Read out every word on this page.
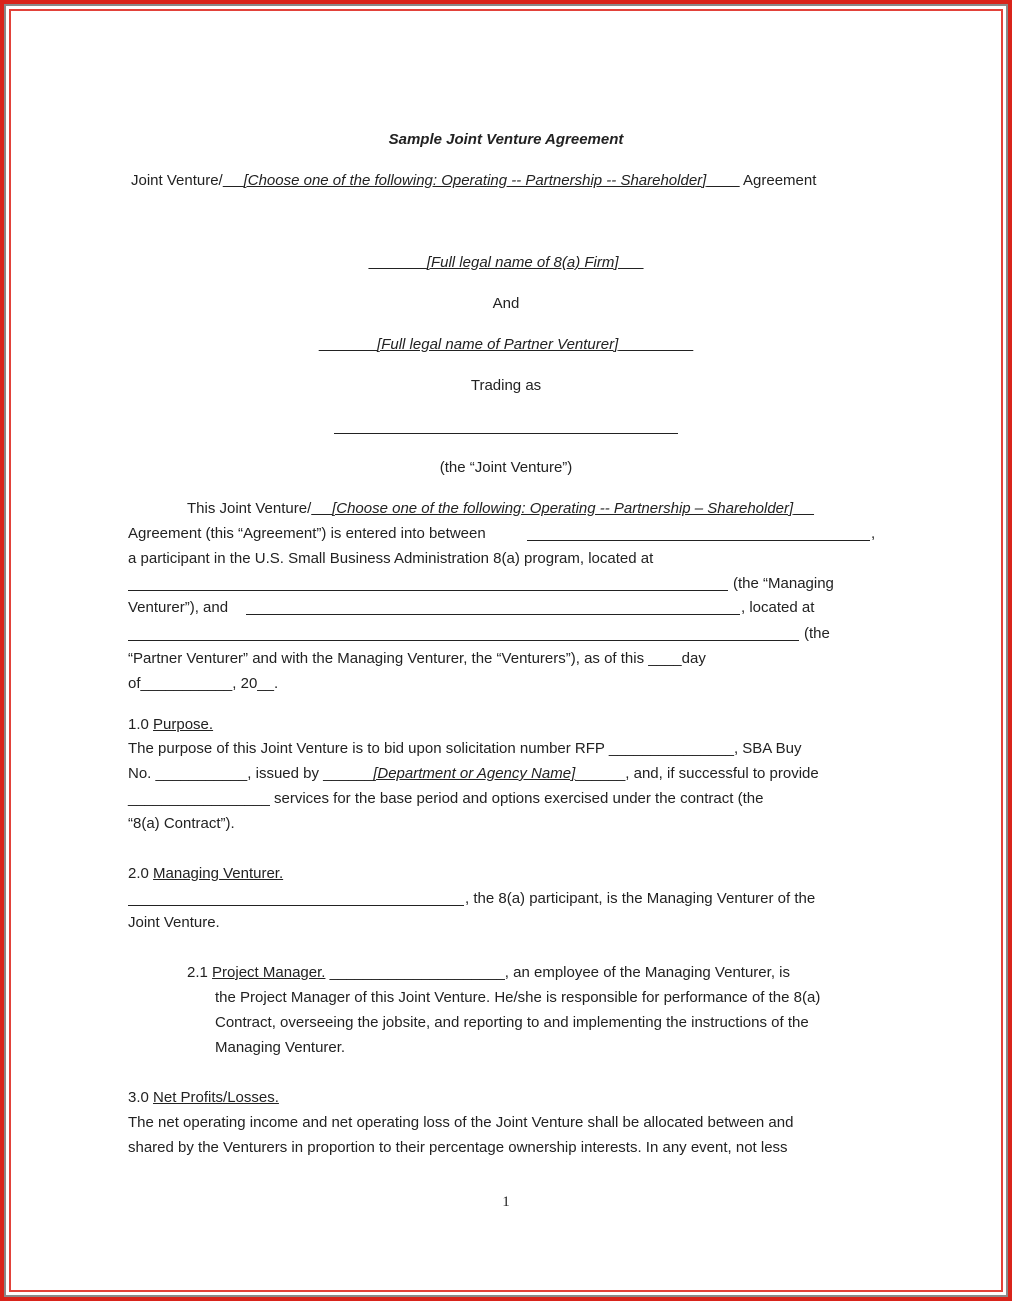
Sample Joint Venture Agreement
Joint Venture/ [Choose one of the following: Operating -- Partnership -- Shareholder] Agreement
[Full legal name of 8(a) Firm]
And
[Full legal name of Partner Venturer]
Trading as
(the “Joint Venture”)
This Joint Venture/ [Choose one of the following: Operating -- Partnership – Shareholder]
Agreement (this “Agreement”) is entered into between	,
a participant in the U.S. Small Business Administration 8(a) program, located at
(the “Managing
Venturer”), and	, located at
(the
“Partner Venturer” and with the Managing Venturer, the “Venturers”), as of this ____day
of___________, 20__.
1.0 Purpose.
The purpose of this Joint Venture is to bid upon solicitation number RFP _______________, SBA Buy
No. ___________, issued by ______[Department or Agency Name]______, and, if successful to provide
_________________ services for the base period and options exercised under the contract (the
“8(a) Contract”).
2.0 Managing Venturer.
, the 8(a) participant, is the Managing Venturer of the
Joint Venture.
2.1 Project Manager. _____________________, an employee of the Managing Venturer, is
the Project Manager of this Joint Venture. He/she is responsible for performance of the 8(a)
Contract, overseeing the jobsite, and reporting to and implementing the instructions of the
Managing Venturer.
3.0 Net Profits/Losses.
The net operating income and net operating loss of the Joint Venture shall be allocated between and
shared by the Venturers in proportion to their percentage ownership interests. In any event, not less
1
